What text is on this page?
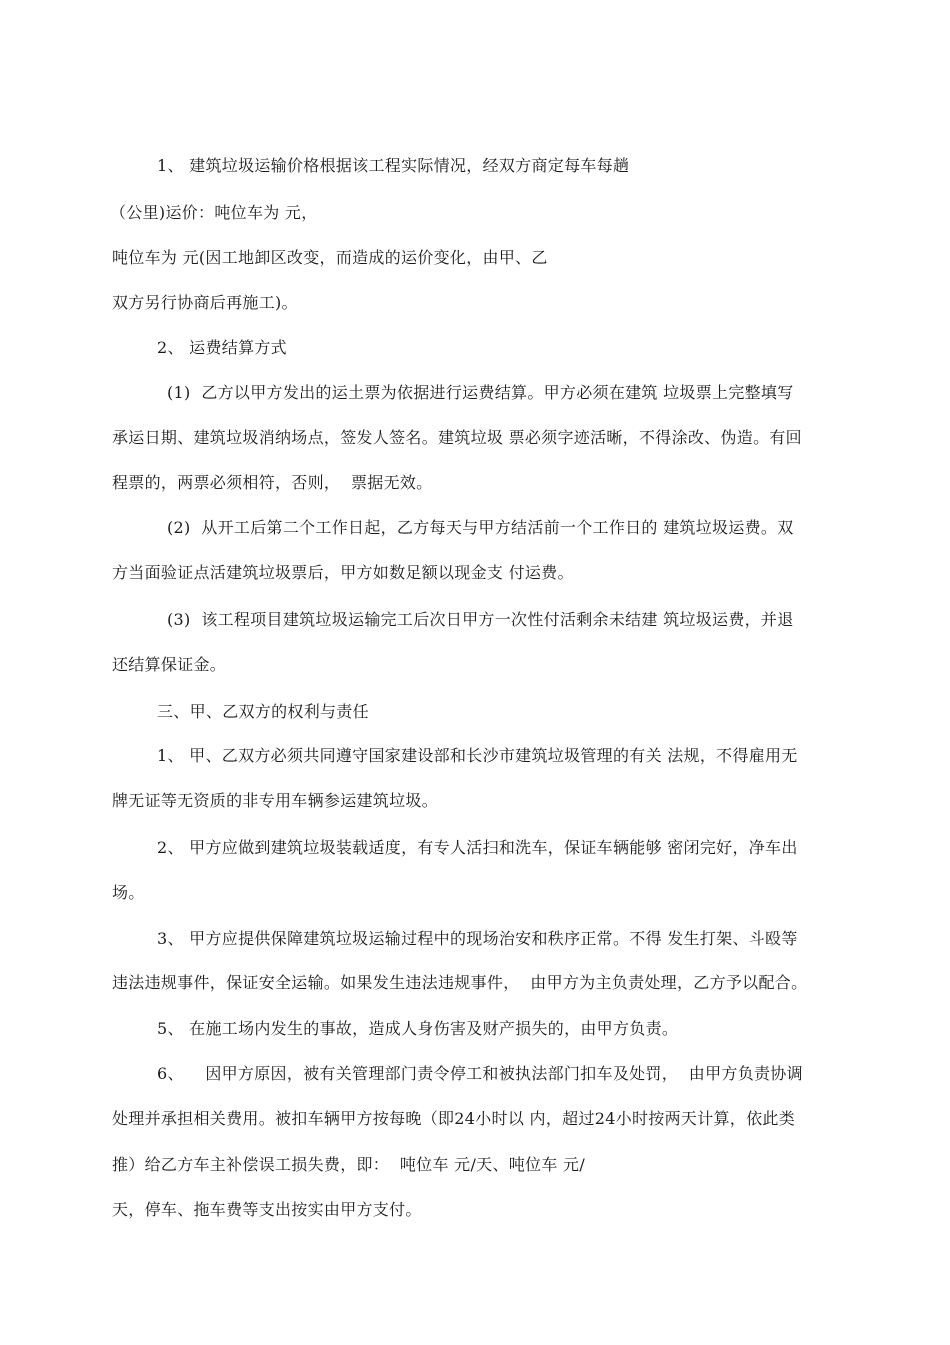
1、 建筑垃圾运输价格根据该工程实际情况，经双方商定每车每趟
（公里)运价：吨位车为 元，
吨位车为 元(因工地卸区改变，而造成的运价变化，由甲、乙
双方另行协商后再施工)。
2、 运费结算方式
(1)  乙方以甲方发出的运土票为依据进行运费结算。甲方必须在建筑 垃圾票上完整填写
承运日期、建筑垃圾消纳场点，签发人签名。建筑垃圾 票必须字迹活晰，不得涂改、伪造。有回
程票的，两票必须相符，否则，  票据无效。
(2)  从开工后第二个工作日起，乙方每天与甲方结活前一个工作日的 建筑垃圾运费。双
方当面验证点活建筑垃圾票后，甲方如数足额以现金支 付运费。
(3)  该工程项目建筑垃圾运输完工后次日甲方一次性付活剩余未结建 筑垃圾运费，并退
还结算保证金。
三、甲、乙双方的权利与责任
1、 甲、乙双方必须共同遵守国家建设部和长沙市建筑垃圾管理的有关 法规，不得雇用无
牌无证等无资质的非专用车辆参运建筑垃圾。
2、 甲方应做到建筑垃圾装载适度，有专人活扫和洗车，保证车辆能够 密闭完好，净车出
场。
3、 甲方应提供保障建筑垃圾运输过程中的现场治安和秩序正常。不得 发生打架、斗殴等
违法违规事件，保证安全运输。如果发生违法违规事件，  由甲方为主负责处理，乙方予以配合。
5、 在施工场内发生的事故，造成人身伤害及财产损失的，由甲方负责。
6、    因甲方原因，被有关管理部门责令停工和被执法部门扣车及处罚，  由甲方负责协调
处理并承担相关费用。被扣车辆甲方按每晚（即24小时以 内，超过24小时按两天计算，依此类
推）给乙方车主补偿误工损失费，即：  吨位车 元/天、吨位车 元/
天，停车、拖车费等支出按实由甲方支付。
